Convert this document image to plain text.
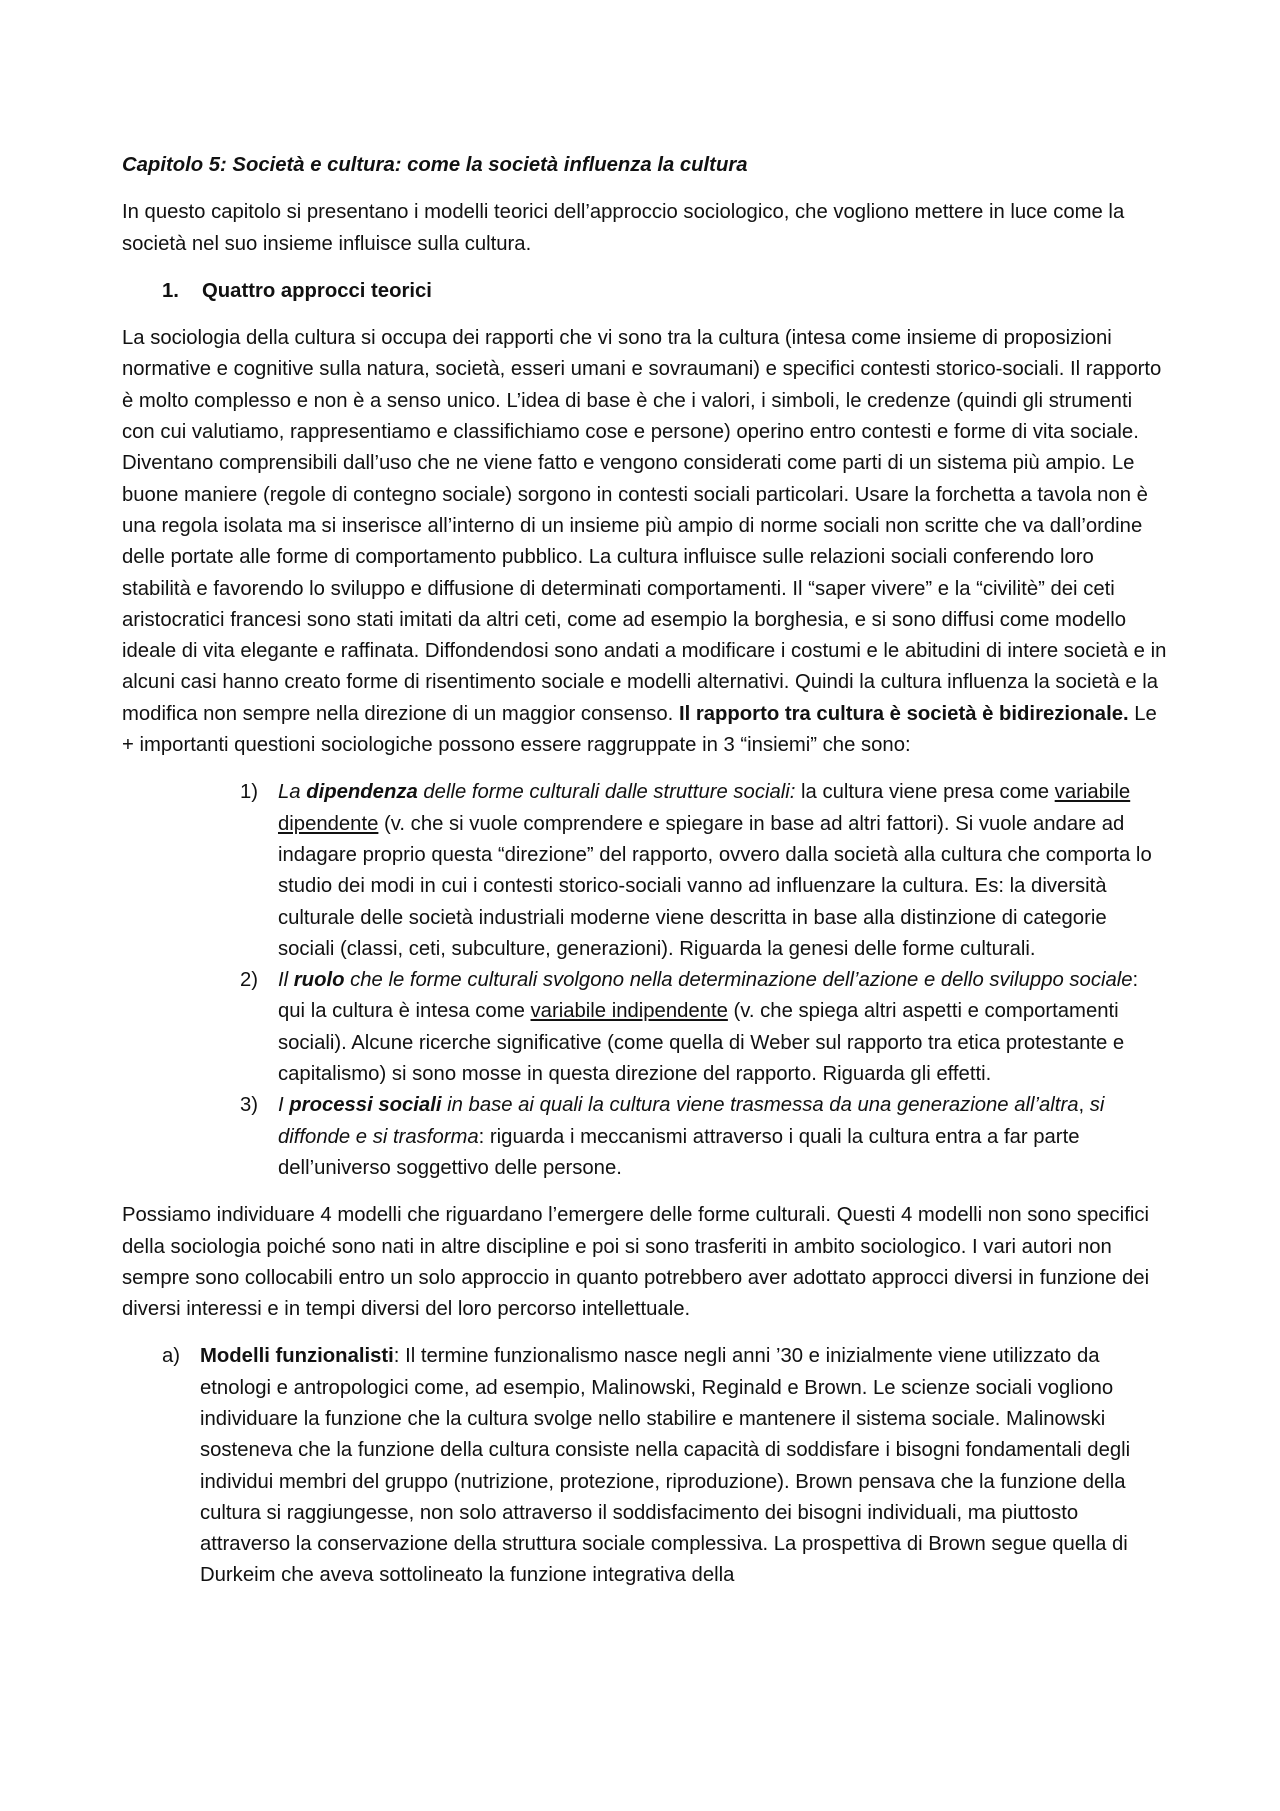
Capitolo 5: Società e cultura: come la società influenza la cultura

In questo capitolo si presentano i modelli teorici dell’approccio sociologico, che vogliono mettere in luce come la società nel suo insieme influisce sulla cultura.

1. Quattro approcci teorici

La sociologia della cultura si occupa dei rapporti che vi sono tra la cultura (intesa come insieme di proposizioni normative e cognitive sulla natura, società, esseri umani e sovraumani) e specifici contesti storico-sociali. Il rapporto è molto complesso e non è a senso unico. L’idea di base è che i valori, i simboli, le credenze (quindi gli strumenti con cui valutiamo, rappresentiamo e classifichiamo cose e persone) operino entro contesti e forme di vita sociale. Diventano comprensibili dall’uso che ne viene fatto e vengono considerati come parti di un sistema più ampio. Le buone maniere (regole di contegno sociale) sorgono in contesti sociali particolari. Usare la forchetta a tavola non è una regola isolata ma si inserisce all’interno di un insieme più ampio di norme sociali non scritte che va dall’ordine delle portate alle forme di comportamento pubblico. La cultura influisce sulle relazioni sociali conferendo loro stabilità e favorendo lo sviluppo e diffusione di determinati comportamenti. Il “saper vivere” e la “civilitè” dei ceti aristocratici francesi sono stati imitati da altri ceti, come ad esempio la borghesia, e si sono diffusi come modello ideale di vita elegante e raffinata. Diffondendosi sono andati a modificare i costumi e le abitudini di intere società e in alcuni casi hanno creato forme di risentimento sociale e modelli alternativi. Quindi la cultura influenza la società e la modifica non sempre nella direzione di un maggior consenso. Il rapporto tra cultura è società è bidirezionale. Le + importanti questioni sociologiche possono essere raggruppate in 3 “insiemi” che sono:

1) La dipendenza delle forme culturali dalle strutture sociali: la cultura viene presa come variabile dipendente (v. che si vuole comprendere e spiegare in base ad altri fattori). Si vuole andare ad indagare proprio questa “direzione” del rapporto, ovvero dalla società alla cultura che comporta lo studio dei modi in cui i contesti storico-sociali vanno ad influenzare la cultura. Es: la diversità culturale delle società industriali moderne viene descritta in base alla distinzione di categorie sociali (classi, ceti, subculture, generazioni). Riguarda la genesi delle forme culturali.
2) Il ruolo che le forme culturali svolgono nella determinazione dell’azione e dello sviluppo sociale: qui la cultura è intesa come variabile indipendente (v. che spiega altri aspetti e comportamenti sociali). Alcune ricerche significative (come quella di Weber sul rapporto tra etica protestante e capitalismo) si sono mosse in questa direzione del rapporto. Riguarda gli effetti.
3) I processi sociali in base ai quali la cultura viene trasmessa da una generazione all’altra, si diffonde e si trasforma: riguarda i meccanismi attraverso i quali la cultura entra a far parte dell’universo soggettivo delle persone.

Possiamo individuare 4 modelli che riguardano l’emergere delle forme culturali. Questi 4 modelli non sono specifici della sociologia poiché sono nati in altre discipline e poi si sono trasferiti in ambito sociologico. I vari autori non sempre sono collocabili entro un solo approccio in quanto potrebbero aver adottato approcci diversi in funzione dei diversi interessi e in tempi diversi del loro percorso intellettuale.

a) Modelli funzionalisti: Il termine funzionalismo nasce negli anni ’30 e inizialmente viene utilizzato da etnologi e antropologici come, ad esempio, Malinowski, Reginald e Brown. Le scienze sociali vogliono individuare la funzione che la cultura svolge nello stabilire e mantenere il sistema sociale. Malinowski sosteneva che la funzione della cultura consiste nella capacità di soddisfare i bisogni fondamentali degli individui membri del gruppo (nutrizione, protezione, riproduzione). Brown pensava che la funzione della cultura si raggiungesse, non solo attraverso il soddisfacimento dei bisogni individuali, ma piuttosto attraverso la conservazione della struttura sociale complessiva. La prospettiva di Brown segue quella di Durkeim che aveva sottolineato la funzione integrativa della
